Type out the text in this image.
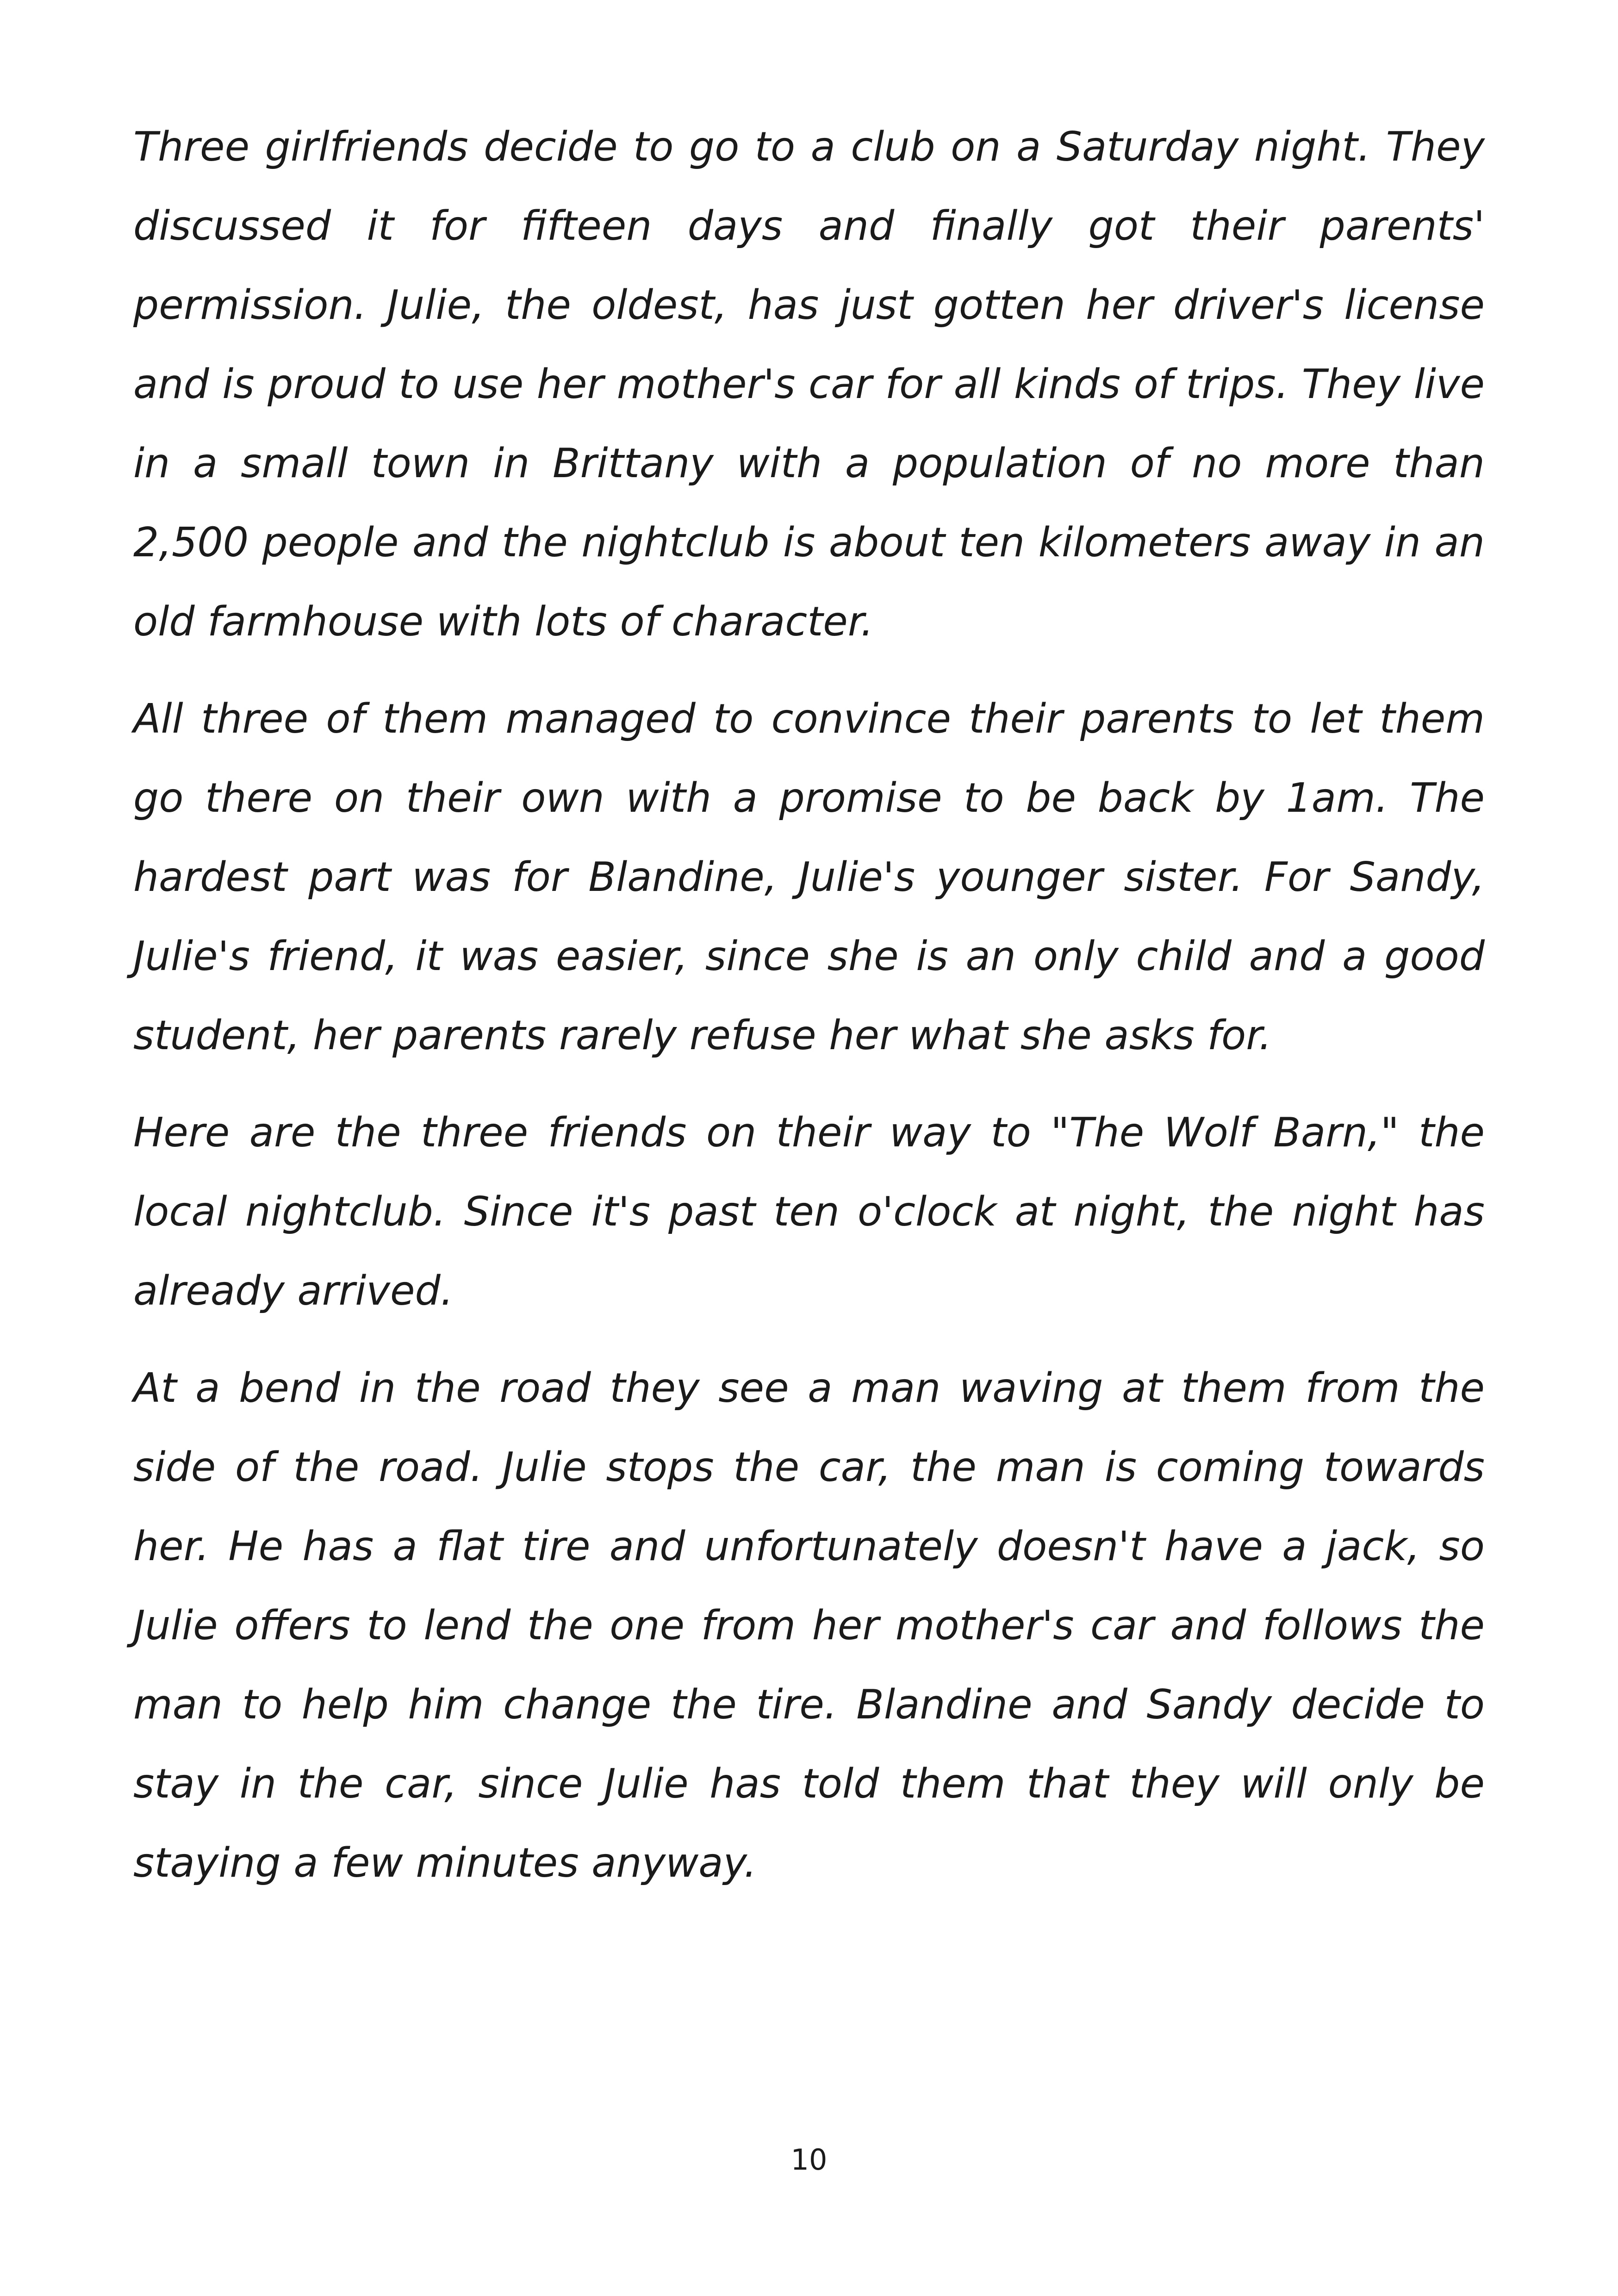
Three girlfriends decide to go to a club on a Saturday night. They discussed it for fifteen days and finally got their parents' permission. Julie, the oldest, has just gotten her driver's license and is proud to use her mother's car for all kinds of trips. They live in a small town in Brittany with a population of no more than 2,500 people and the nightclub is about ten kilometers away in an old farmhouse with lots of character.

All three of them managed to convince their parents to let them go there on their own with a promise to be back by 1am. The hardest part was for Blandine, Julie's younger sister. For Sandy, Julie's friend, it was easier, since she is an only child and a good student, her parents rarely refuse her what she asks for.

Here are the three friends on their way to "The Wolf Barn," the local nightclub. Since it's past ten o'clock at night, the night has already arrived.

At a bend in the road they see a man waving at them from the side of the road. Julie stops the car, the man is coming towards her. He has a flat tire and unfortunately doesn't have a jack, so Julie offers to lend the one from her mother's car and follows the man to help him change the tire. Blandine and Sandy decide to stay in the car, since Julie has told them that they will only be staying a few minutes anyway.

10
